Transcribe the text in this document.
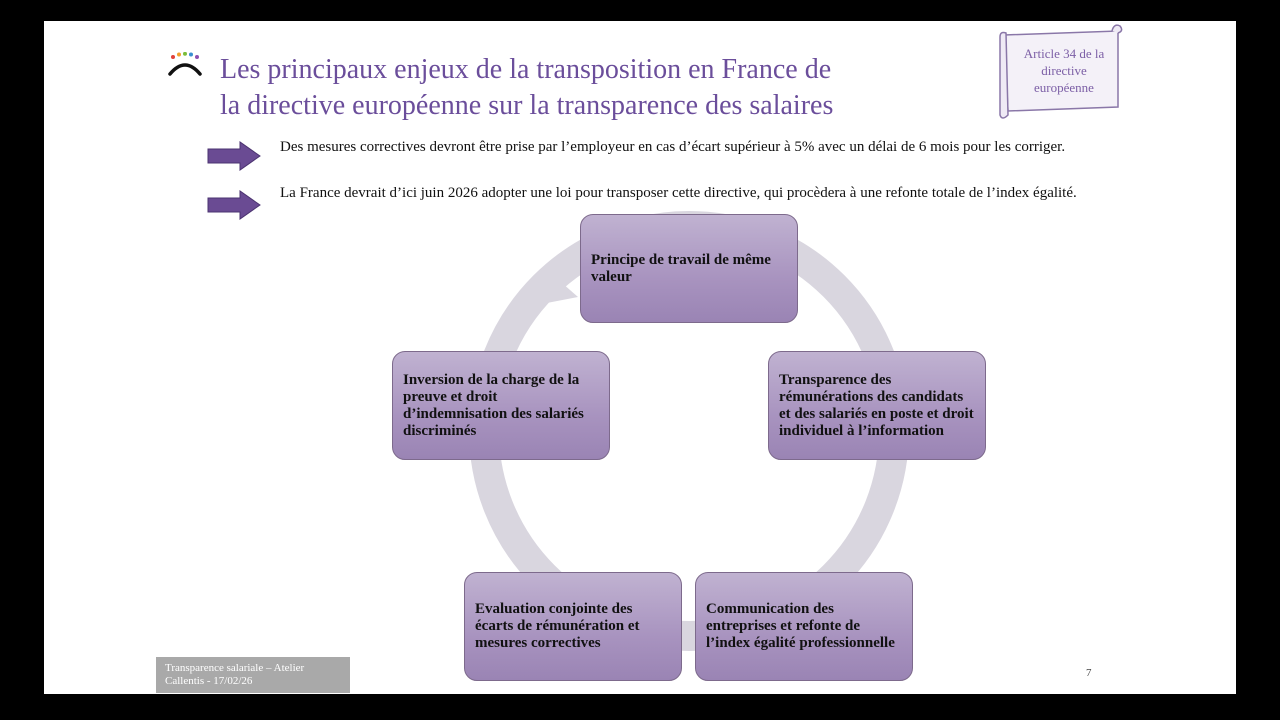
Les principaux enjeux de la transposition en France de
la directive européenne sur la transparence des salaires
Article 34 de la
directive
européenne
Des mesures correctives devront être prise par l’employeur en cas d’écart supérieur à 5% avec un délai de 6 mois pour les corriger.
La France devrait d’ici juin 2026 adopter une loi pour transposer cette directive, qui procèdera à une refonte totale de l’index égalité.
Principe de travail de même valeur
Transparence des rémunérations des candidats et des salariés en poste et droit individuel à l’information
Communication des entreprises et refonte de l’index égalité professionnelle
Evaluation conjointe des écarts de rémunération et mesures correctives
Inversion de la charge de la preuve et droit d’indemnisation des salariés discriminés
Transparence salariale – Atelier
Callentis - 17/02/26
7
